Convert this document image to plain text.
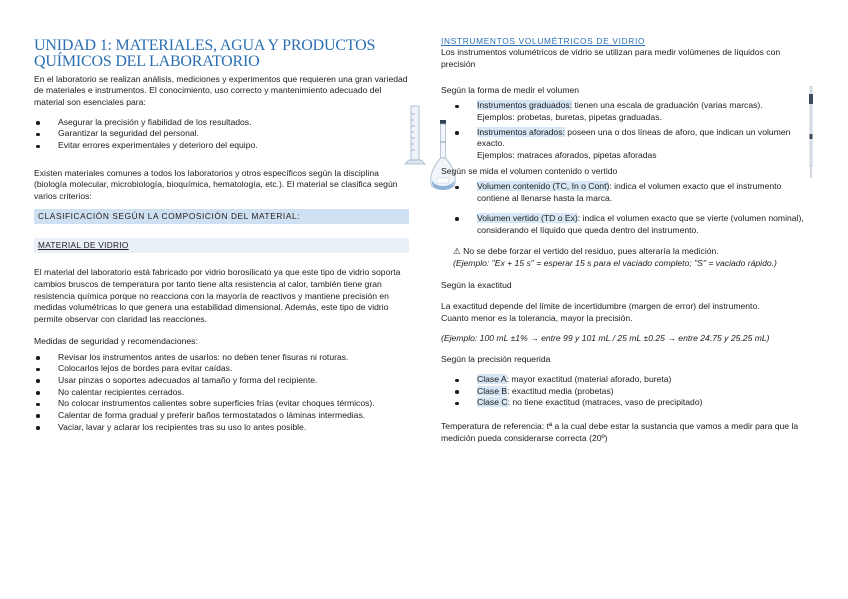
UNIDAD 1: MATERIALES, AGUA Y PRODUCTOS QUÍMICOS DEL LABORATORIO

En el laboratorio se realizan análisis, mediciones y experimentos que requieren una gran variedad de materiales e instrumentos. El conocimiento, uso correcto y mantenimiento adecuado del material son esenciales para:

Asegurar la precisión y fiabilidad de los resultados.
Garantizar la seguridad del personal.
Evitar errores experimentales y deterioro del equipo.

Existen materiales comunes a todos los laboratorios y otros específicos según la disciplina (biología molecular, microbiología, bioquímica, hematología, etc.). El material se clasifica según varios criterios:

CLASIFICACIÓN SEGÚN LA COMPOSICIÓN DEL MATERIAL:
MATERIAL DE VIDRIO

El material del laboratorio está fabricado por vidrio borosilicato ya que este tipo de vidrio soporta cambios bruscos de temperatura por tanto tiene alta resistencia al calor, también tiene gran resistencia química porque no reacciona con la mayoría de reactivos y mantiene precisión en medidas volumétricas lo que genera una estabilidad dimensional. Además, este tipo de vidrio permite observar con claridad las reacciones.

Medidas de seguridad y recomendaciones:

Revisar los instrumentos antes de usarlos: no deben tener fisuras ni roturas.
Colocarlos lejos de bordes para evitar caídas.
Usar pinzas o soportes adecuados al tamaño y forma del recipiente.
No calentar recipientes cerrados.
No colocar instrumentos calientes sobre superficies frías (evitar choques térmicos).
Calentar de forma gradual y preferir baños termostatados o láminas intermedias.
Vaciar, lavar y aclarar los recipientes tras su uso lo antes posible.

INSTRUMENTOS VOLUMÉTRICOS DE VIDRIO

Los instrumentos volumétricos de vidrio se utilizan para medir volúmenes de líquidos con precisión

Según la forma de medir el volumen

Instrumentos graduados: tienen una escala de graduación (varias marcas).
Ejemplos: probetas, buretas, pipetas graduadas.
Instrumentos aforados: poseen una o dos líneas de aforo, que indican un volumen exacto.
Ejemplos: matraces aforados, pipetas aforadas

Según se mida el volumen contenido o vertido

Volumen contenido (TC, In o Cont): indica el volumen exacto que el instrumento contiene al llenarse hasta la marca.
Volumen vertido (TD o Ex): indica el volumen exacto que se vierte (volumen nominal), considerando el líquido que queda dentro del instrumento.

⚠ No se debe forzar el vertido del residuo, pues alteraría la medición.

(Ejemplo: "Ex + 15 s" = esperar 15 s para el vaciado completo; "S" = vaciado rápido.)

Según la exactitud

La exactitud depende del límite de incertidumbre (margen de error) del instrumento.

Cuanto menor es la tolerancia, mayor la precisión.

(Ejemplo: 100 mL ±1% → entre 99 y 101 mL / 25 mL ±0.25 → entre 24.75 y 25.25 mL)

Según la precisión requerida

Clase A: mayor exactitud (material aforado, bureta)
Clase B: exactitud media (probetas)
Clase C: no tiene exactitud (matraces, vaso de precipitado)

Temperatura de referencia: tª a la cual debe estar la sustancia que vamos a medir para que la medición pueda considerarse correcta (20º)
